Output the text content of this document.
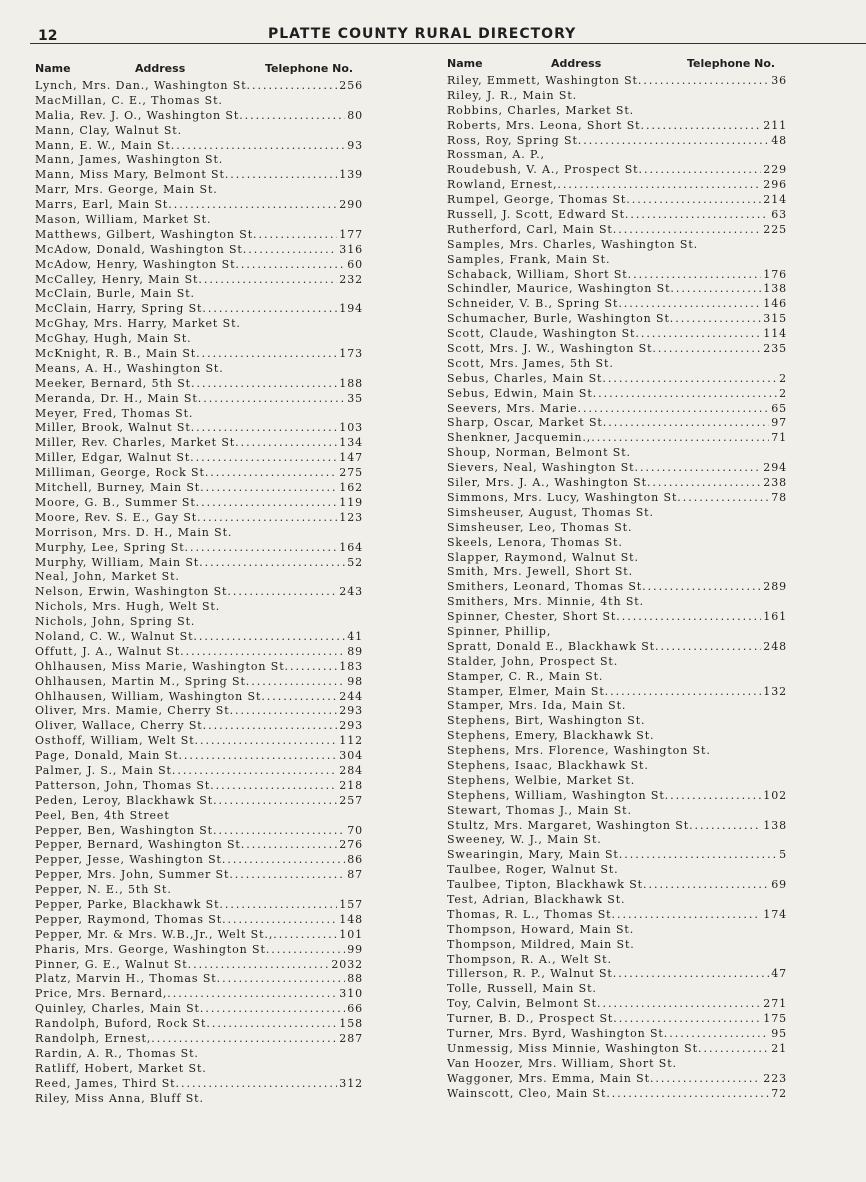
12	PLATTE COUNTY RURAL DIRECTORY
Name	Address	Telephone No.
Lynch, Mrs. Dan., Washington St .....	256
MacMillan, C. E., Thomas St.
Malia, Rev. J. O., Washington St .....	80
Mann, Clay, Walnut St.
Mann, E. W., Main St .....	93
Mann, James, Washington St.
Mann, Miss Mary, Belmont St .....	139
Marr, Mrs. George, Main St.
Marrs, Earl, Main St .....	290
Mason, William, Market St.
Matthews, Gilbert, Washington St .....	177
McAdow, Donald, Washington St .....	316
McAdow, Henry, Washington St .....	60
McCalley, Henry, Main St .....	232
McClain, Burle, Main St.
McClain, Harry, Spring St .....	194
McGhay, Mrs. Harry, Market St.
McGhay, Hugh, Main St.
McKnight, R. B., Main St .....	173
Means, A. H., Washington St.
Meeker, Bernard, 5th St .....	188
Meranda, Dr. H., Main St .....	35
Meyer, Fred, Thomas St.
Miller, Brook, Walnut St .....	103
Miller, Rev. Charles, Market St .....	134
Miller, Edgar, Walnut St .....	147
Milliman, George, Rock St .....	275
Mitchell, Burney, Main St .....	162
Moore, G. B., Summer St .....	119
Moore, Rev. S. E., Gay St .....	123
Morrison, Mrs. D. H., Main St.
Murphy, Lee, Spring St .....	164
Murphy, William, Main St .....	52
Neal, John, Market St.
Nelson, Erwin, Washington St .....	243
Nichols, Mrs. Hugh, Welt St.
Nichols, John, Spring St.
Noland, C. W., Walnut St .....	41
Offutt, J. A., Walnut St .....	89
Ohlhausen, Miss Marie, Washington St .....	183
Ohlhausen, Martin M., Spring St .....	98
Ohlhausen, William, Washington St .....	244
Oliver, Mrs. Mamie, Cherry St .....	293
Oliver, Wallace, Cherry St .....	293
Osthoff, William, Welt St .....	112
Page, Donald, Main St .....	304
Palmer, J. S., Main St .....	284
Patterson, John, Thomas St .....	218
Peden, Leroy, Blackhawk St .....	257
Peel, Ben, 4th Street
Pepper, Ben, Washington St .....	70
Pepper, Bernard, Washington St .....	276
Pepper, Jesse, Washington St .....	86
Pepper, Mrs. John, Summer St .....	87
Pepper, N. E., 5th St.
Pepper, Parke, Blackhawk St .....	157
Pepper, Raymond, Thomas St .....	148
Pepper, Mr. & Mrs. W.B.,Jr., Welt St., .....	101
Pharis, Mrs. George, Washington St .....	99
Pinner, G. E., Walnut St .....	2032
Platz, Marvin H., Thomas St .....	88
Price, Mrs. Bernard, .....	310
Quinley, Charles, Main St .....	66
Randolph, Buford, Rock St .....	158
Randolph, Ernest, .....	287
Rardin, A. R., Thomas St.
Ratliff, Hobert, Market St.
Reed, James, Third St .....	312
Riley, Miss Anna, Bluff St.
Name	Address	Telephone No.
Riley, Emmett, Washington St .....	36
Riley, J. R., Main St.
Robbins, Charles, Market St.
Roberts, Mrs. Leona, Short St .....	211
Ross, Roy, Spring St .....	48
Rossman, A. P.,
Roudebush, V. A., Prospect St .....	229
Rowland, Ernest, .....	296
Rumpel, George, Thomas St .....	214
Russell, J. Scott, Edward St .....	63
Rutherford, Carl, Main St .....	225
Samples, Mrs. Charles, Washington St.
Samples, Frank, Main St.
Schaback, William, Short St .....	176
Schindler, Maurice, Washington St .....	138
Schneider, V. B., Spring St .....	146
Schumacher, Burle, Washington St .....	315
Scott, Claude, Washington St .....	114
Scott, Mrs. J. W., Washington St .....	235
Scott, Mrs. James, 5th St.
Sebus, Charles, Main St .....	2
Sebus, Edwin, Main St .....	2
Seevers, Mrs. Marie .....	65
Sharp, Oscar, Market St .....	97
Shenkner, Jacquemin., .....	71
Shoup, Norman, Belmont St.
Sievers, Neal, Washington St .....	294
Siler, Mrs. J. A., Washington St .....	238
Simmons, Mrs. Lucy, Washington St .....	78
Simsheuser, August, Thomas St.
Simsheuser, Leo, Thomas St.
Skeels, Lenora, Thomas St.
Slapper, Raymond, Walnut St.
Smith, Mrs. Jewell, Short St.
Smithers, Leonard, Thomas St .....	289
Smithers, Mrs. Minnie, 4th St.
Spinner, Chester, Short St .....	161
Spinner, Phillip,
Spratt, Donald E., Blackhawk St .....	248
Stalder, John, Prospect St.
Stamper, C. R., Main St.
Stamper, Elmer, Main St .....	132
Stamper, Mrs. Ida, Main St.
Stephens, Birt, Washington St.
Stephens, Emery, Blackhawk St.
Stephens, Mrs. Florence, Washington St.
Stephens, Isaac, Blackhawk St.
Stephens, Welbie, Market St.
Stephens, William, Washington St .....	102
Stewart, Thomas J., Main St.
Stultz, Mrs. Margaret, Washington St .....	138
Sweeney, W. J., Main St.
Swearingin, Mary, Main St .....	5
Taulbee, Roger, Walnut St.
Taulbee, Tipton, Blackhawk St .....	69
Test, Adrian, Blackhawk St.
Thomas, R. L., Thomas St .....	174
Thompson, Howard, Main St.
Thompson, Mildred, Main St.
Thompson, R. A., Welt St.
Tillerson, R. P., Walnut St .....	47
Tolle, Russell, Main St.
Toy, Calvin, Belmont St .....	271
Turner, B. D., Prospect St .....	175
Turner, Mrs. Byrd, Washington St .....	95
Unmessig, Miss Minnie, Washington St .....	21
Van Hoozer, Mrs. William, Short St.
Waggoner, Mrs. Emma, Main St .....	223
Wainscott, Cleo, Main St .....	72
